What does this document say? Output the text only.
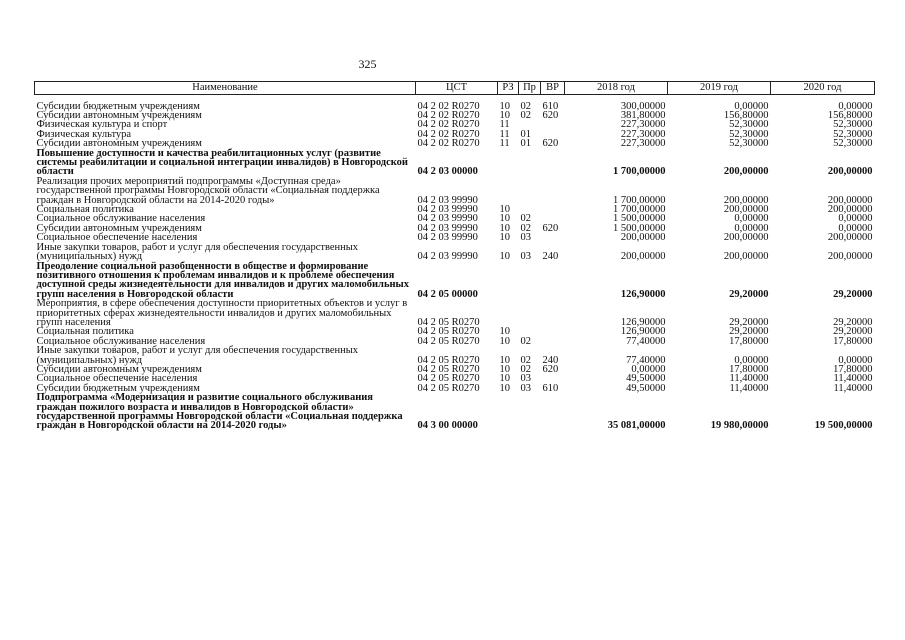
325
Наименование	ЦСТ	РЗ	Пр	ВР	2018 год	2019 год	2020 год
Субсидии бюджетным учреждениям	04 2 02 R0270	10	02	610	300,00000	0,00000	0,00000
Субсидии автономным учреждениям	04 2 02 R0270	10	02	620	381,80000	156,80000	156,80000
Физическая культура и спорт	04 2 02 R0270	11			227,30000	52,30000	52,30000
Физическая культура	04 2 02 R0270	11	01		227,30000	52,30000	52,30000
Субсидии автономным учреждениям	04 2 02 R0270	11	01	620	227,30000	52,30000	52,30000
Повышение доступности и качества реабилитационных услуг (развитие системы реабилитации и социальной интеграции инвалидов) в Новгородской области	04 2 03 00000				1 700,00000	200,00000	200,00000
Реализация прочих мероприятий подпрограммы «Доступная среда» государственной программы Новгородской области «Социальная поддержка граждан в Новгородской области на 2014-2020 годы»	04 2 03 99990				1 700,00000	200,00000	200,00000
Социальная политика	04 2 03 99990	10			1 700,00000	200,00000	200,00000
Социальное обслуживание населения	04 2 03 99990	10	02		1 500,00000	0,00000	0,00000
Субсидии автономным учреждениям	04 2 03 99990	10	02	620	1 500,00000	0,00000	0,00000
Социальное обеспечение населения	04 2 03 99990	10	03		200,00000	200,00000	200,00000
Иные закупки товаров, работ и услуг для обеспечения государственных (муниципальных) нужд	04 2 03 99990	10	03	240	200,00000	200,00000	200,00000
Преодоление социальной разобщенности в обществе и формирование позитивного отношения к проблемам инвалидов и к проблеме обеспечения доступной среды жизнедеятельности для инвалидов и других маломобильных групп населения в Новгородской области	04 2 05 00000				126,90000	29,20000	29,20000
Мероприятия, в сфере обеспечения доступности приоритетных объектов и услуг в приоритетных сферах жизнедеятельности инвалидов и других маломобильных групп населения	04 2 05 R0270				126,90000	29,20000	29,20000
Социальная политика	04 2 05 R0270	10			126,90000	29,20000	29,20000
Социальное обслуживание населения	04 2 05 R0270	10	02		77,40000	17,80000	17,80000
Иные закупки товаров, работ и услуг для обеспечения государственных (муниципальных) нужд	04 2 05 R0270	10	02	240	77,40000	0,00000	0,00000
Субсидии автономным учреждениям	04 2 05 R0270	10	02	620	0,00000	17,80000	17,80000
Социальное обеспечение населения	04 2 05 R0270	10	03		49,50000	11,40000	11,40000
Субсидии бюджетным учреждениям	04 2 05 R0270	10	03	610	49,50000	11,40000	11,40000
Подпрограмма «Модернизация и развитие социального обслуживания граждан пожилого возраста и инвалидов в Новгородской области» государственной программы Новгородской области «Социальная поддержка граждан в Новгородской области на 2014-2020 годы»	04 3 00 00000				35 081,00000	19 980,00000	19 500,00000
